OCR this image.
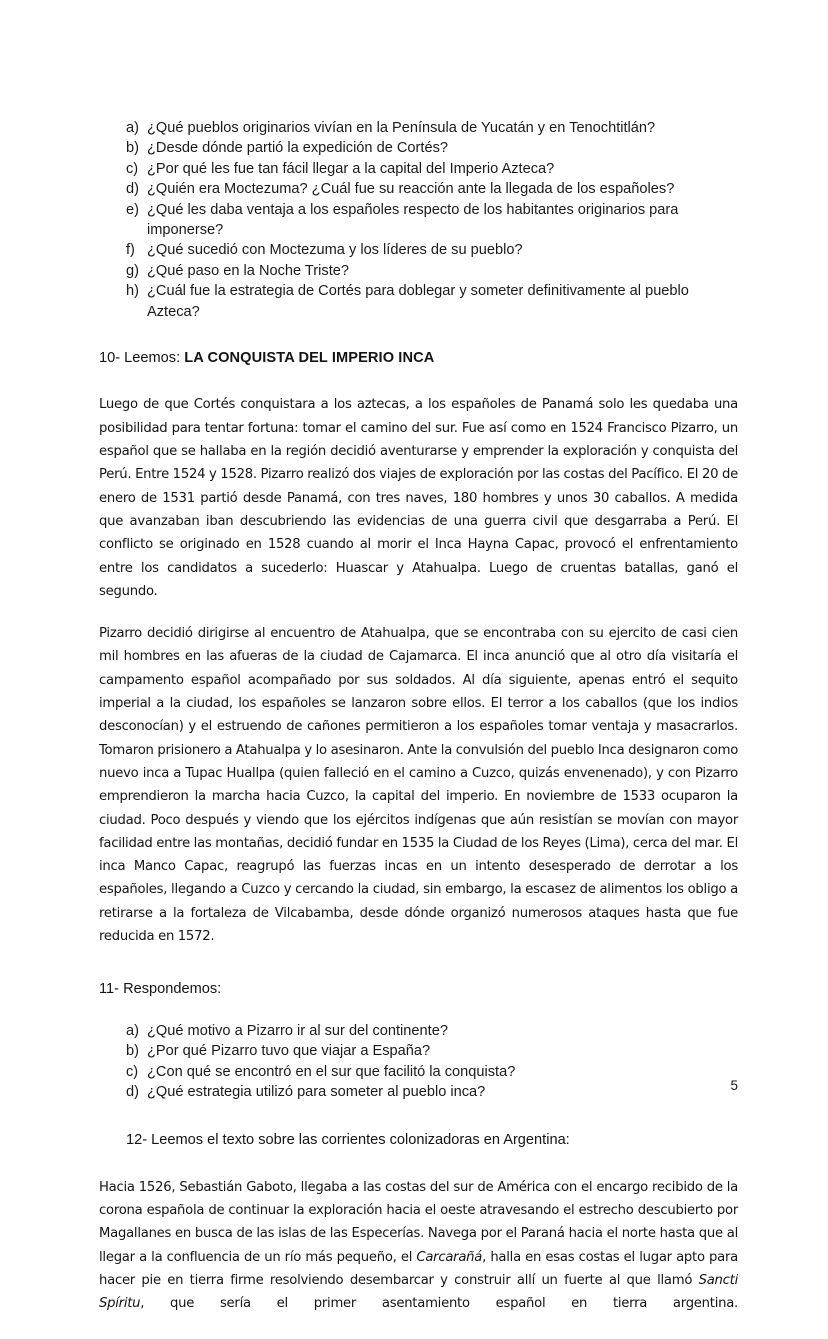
a) ¿Qué pueblos originarios vivían en la Península de Yucatán y en Tenochtitlán?
b) ¿Desde dónde partió la expedición de Cortés?
c) ¿Por qué les fue tan fácil llegar a la capital del Imperio Azteca?
d) ¿Quién era Moctezuma? ¿Cuál fue su reacción ante la llegada de los españoles?
e) ¿Qué les daba ventaja a los españoles respecto de los habitantes originarios para imponerse?
f) ¿Qué sucedió con Moctezuma y los líderes de su pueblo?
g) ¿Qué paso en la Noche Triste?
h) ¿Cuál fue la estrategia de Cortés para doblegar y someter definitivamente al pueblo Azteca?
10- Leemos: LA CONQUISTA DEL IMPERIO INCA

Luego de que Cortés conquistara a los aztecas, a los españoles de Panamá solo les quedaba una posibilidad para tentar fortuna: tomar el camino del sur. Fue así como en 1524 Francisco Pizarro, un español que se hallaba en la región decidió aventurarse y emprender la exploración y conquista del Perú. Entre 1524 y 1528. Pizarro realizó dos viajes de exploración por las costas del Pacífico. El 20 de enero de 1531 partió desde Panamá, con tres naves, 180 hombres y unos 30 caballos. A medida que avanzaban iban descubriendo las evidencias de una guerra civil que desgarraba a Perú. El conflicto se originado en 1528 cuando al morir el Inca Hayna Capac, provocó el enfrentamiento entre los candidatos a sucederlo: Huascar y Atahualpa. Luego de cruentas batallas, ganó el segundo.

Pizarro decidió dirigirse al encuentro de Atahualpa, que se encontraba con su ejercito de casi cien mil hombres en las afueras de la ciudad de Cajamarca. El inca anunció que al otro día visitaría el campamento español acompañado por sus soldados. Al día siguiente, apenas entró el sequito imperial a la ciudad, los españoles se lanzaron sobre ellos. El terror a los caballos (que los indios desconocían) y el estruendo de cañones permitieron a los españoles tomar ventaja y masacrarlos. Tomaron prisionero a Atahualpa y lo asesinaron. Ante la convulsión del pueblo Inca designaron como nuevo inca a Tupac Huallpa (quien falleció en el camino a Cuzco, quizás envenenado), y con Pizarro emprendieron la marcha hacia Cuzco, la capital del imperio. En noviembre de 1533 ocuparon la ciudad. Poco después y viendo que los ejércitos indígenas que aún resistían se movían con mayor facilidad entre las montañas, decidió fundar en 1535 la Ciudad de los Reyes (Lima), cerca del mar. El inca Manco Capac, reagrupó las fuerzas incas en un intento desesperado de derrotar a los españoles, llegando a Cuzco y cercando la ciudad, sin embargo, la escasez de alimentos los obligo a retirarse a la fortaleza de Vilcabamba, desde dónde organizó numerosos ataques hasta que fue reducida en 1572.

11- Respondemos:
a) ¿Qué motivo a Pizarro ir al sur del continente?
b) ¿Por qué Pizarro tuvo que viajar a España?
c) ¿Con qué se encontró en el sur que facilitó la conquista?
d) ¿Qué estrategia utilizó para someter al pueblo inca?
12- Leemos el texto sobre las corrientes colonizadoras en Argentina:

Hacia 1526, Sebastián Gaboto, llegaba a las costas del sur de América con el encargo recibido de la corona española de continuar la exploración hacia el oeste atravesando el estrecho descubierto por Magallanes en busca de las islas de las Especerías. Navega por el Paraná hacia el norte hasta que al llegar a la confluencia de un río más pequeño, el Carcarañá, halla en esas costas el lugar apto para hacer pie en tierra firme resolviendo desembarcar y construir allí un fuerte al que llamó Sancti Spíritu, que sería el primer asentamiento español en tierra argentina.

5
